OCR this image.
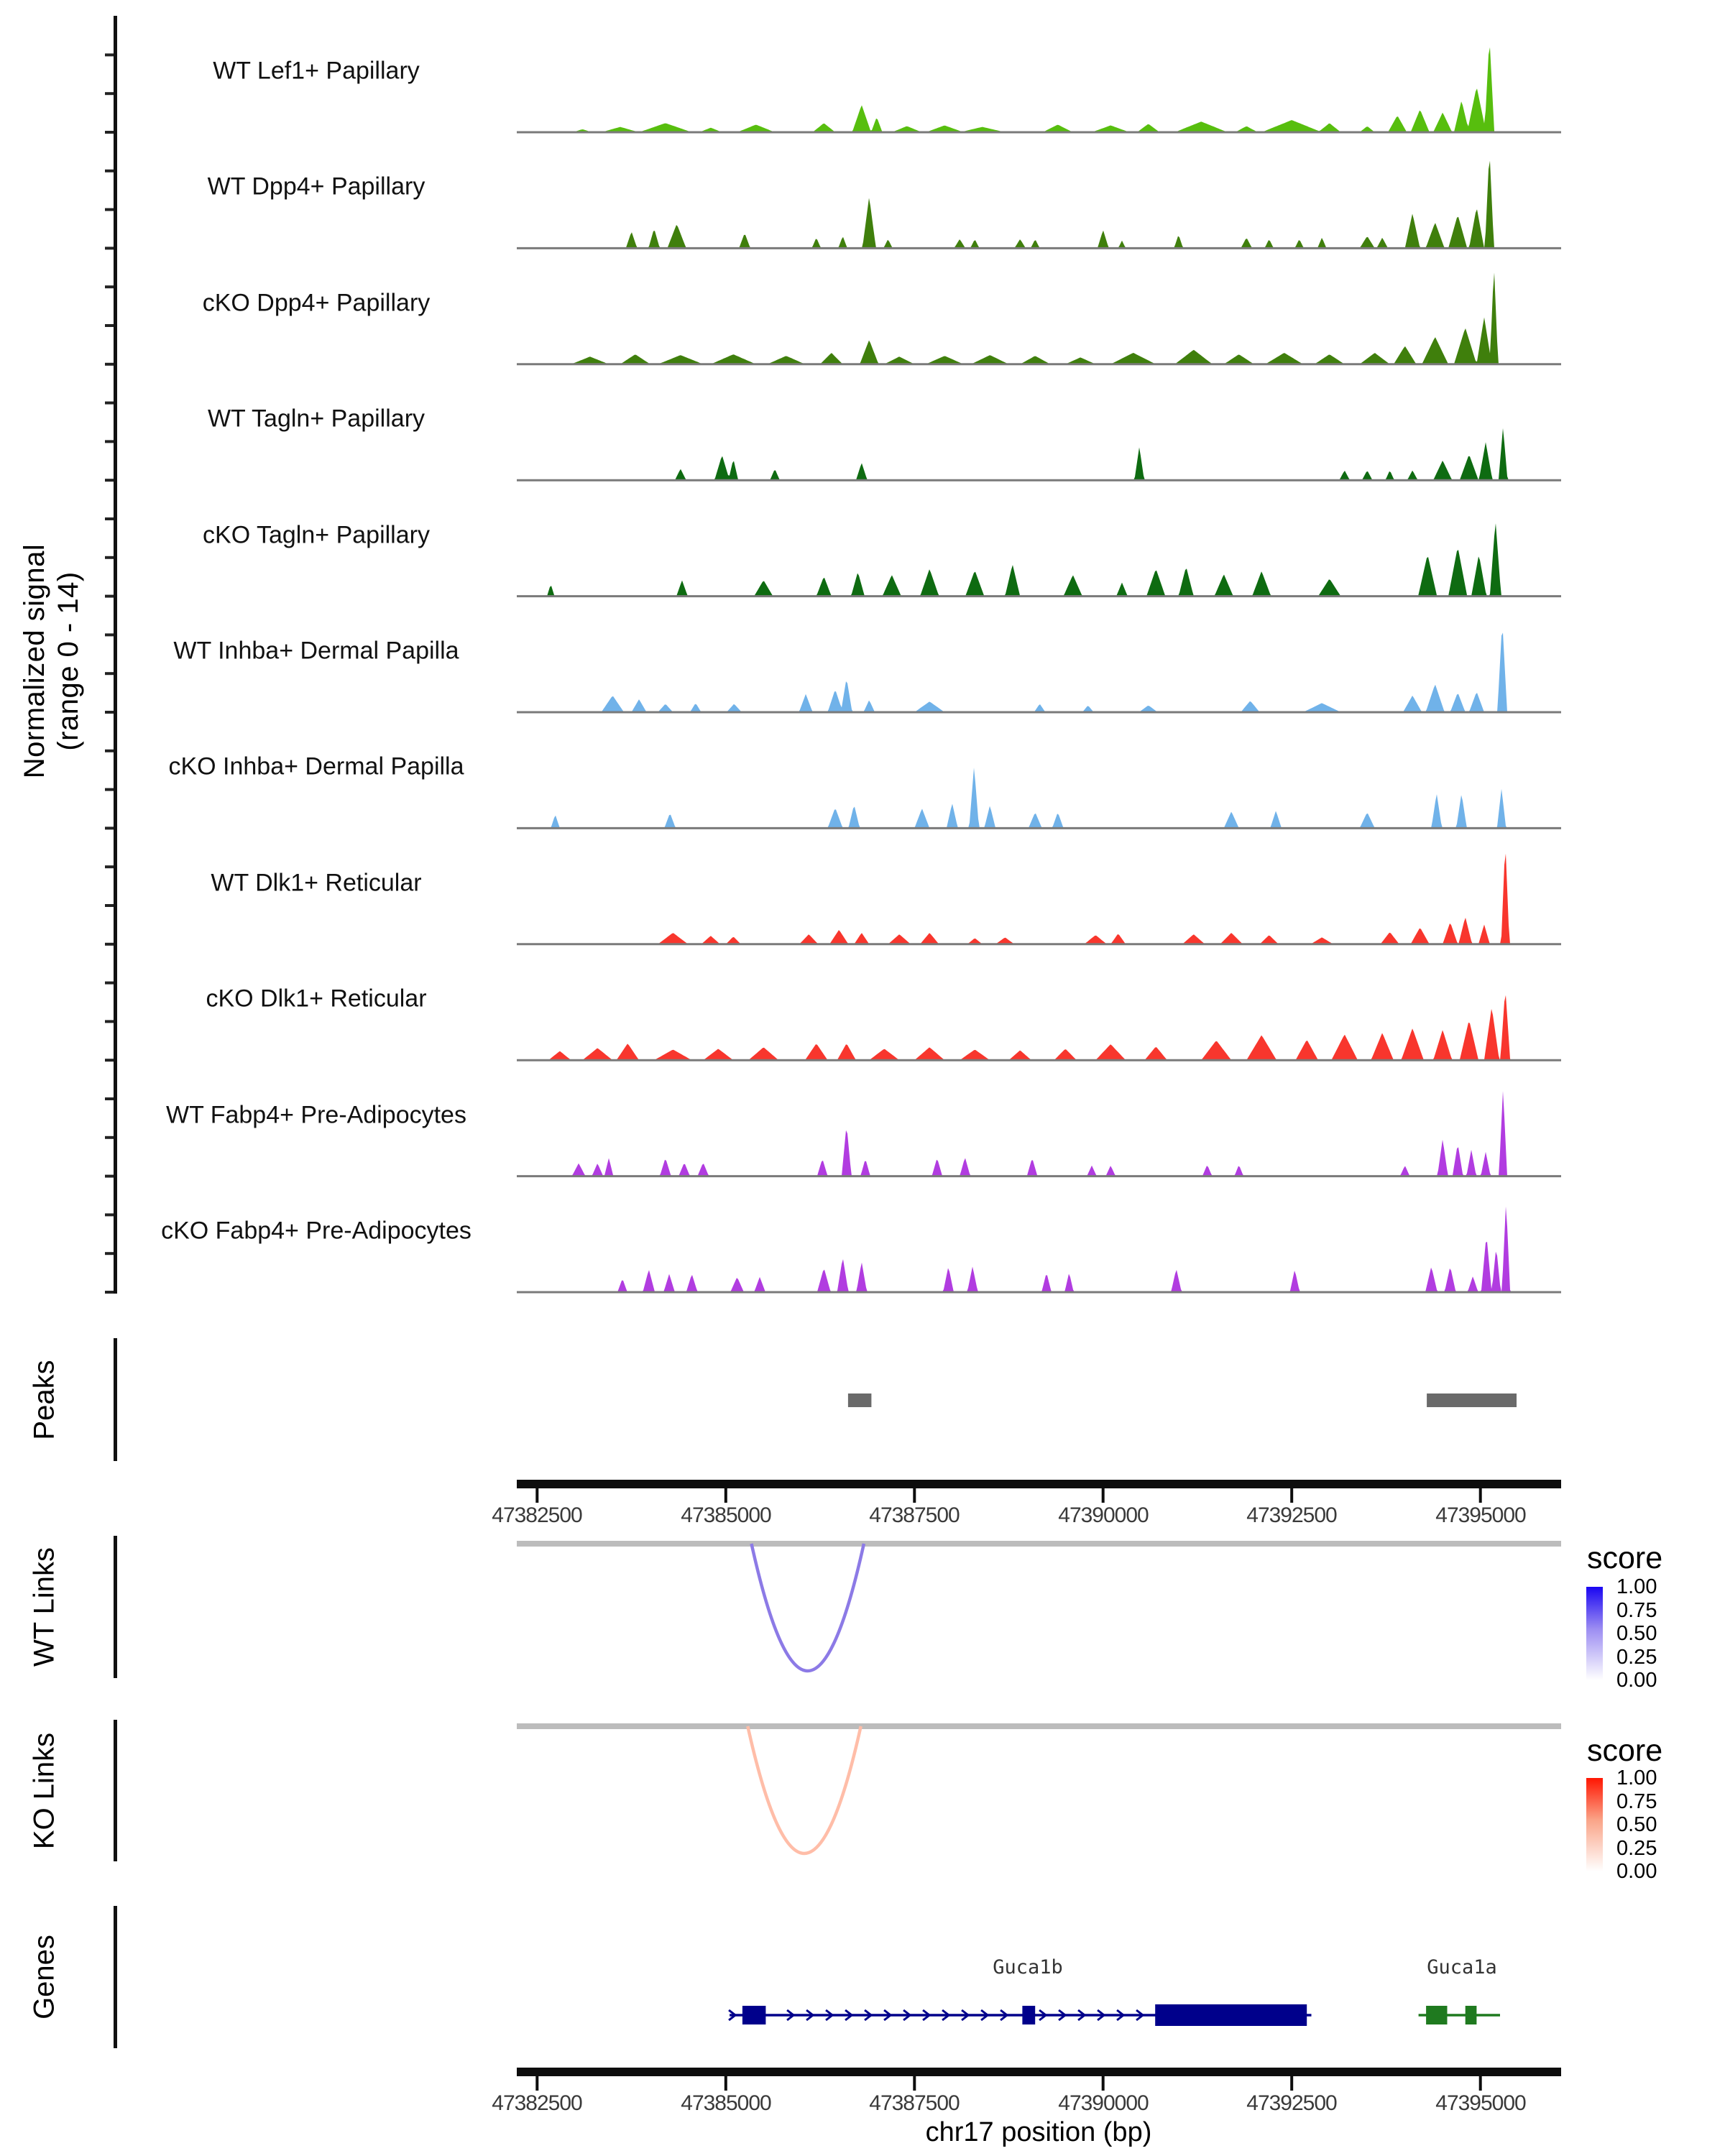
Normalized signal (range 0 - 14)
Peaks
WT Links
KO Links
Genes
score
score
chr17 position (bp)
WT Lef1+ Papillary
WT Dpp4+ Papillary
cKO Dpp4+ Papillary
WT Tagln+ Papillary
cKO Tagln+ Papillary
WT Inhba+ Dermal Papilla
cKO Inhba+ Dermal Papilla
WT Dlk1+ Reticular
cKO Dlk1+ Reticular
WT Fabp4+ Pre-Adipocytes
cKO Fabp4+ Pre-Adipocytes
47382500	47385000	47387500	47390000	47392500	47395000
47382500	47385000	47387500	47390000	47392500	47395000
1.00
0.75
0.50
0.25
0.00
1.00
0.75
0.50
0.25
0.00
Guca1b	Guca1a
